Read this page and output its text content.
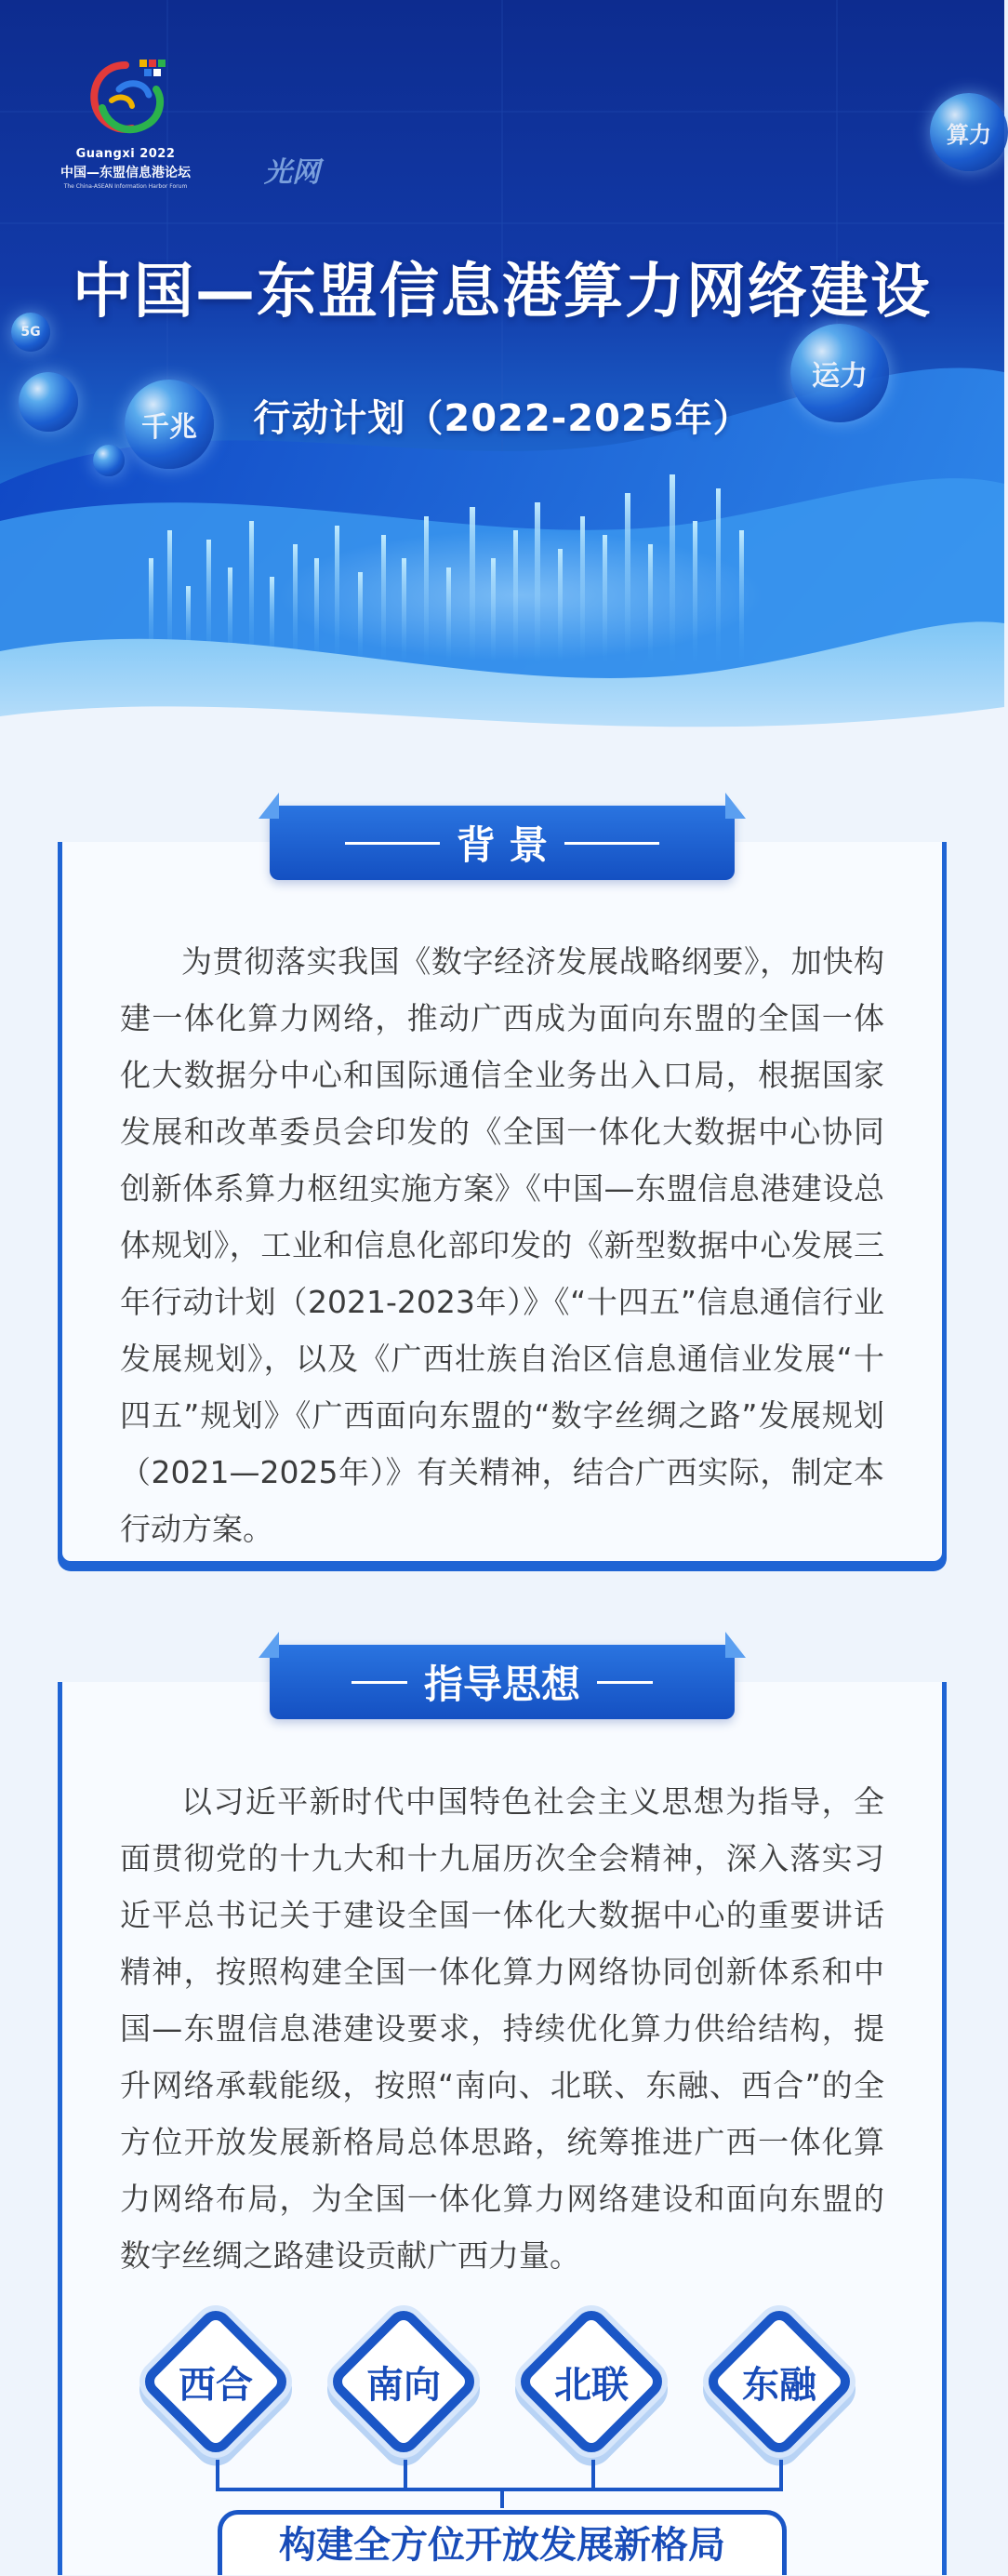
Guangxi 2022
中国—东盟信息港论坛
The China-ASEAN Information Harbor Forum	光网
算力
运力
千兆
5G
中国—东盟信息港算力网络建设
行动计划（2022-2025年）
为贯彻落实我国《数字经济发展战略纲要》，加快构建一体化算力网络，推动广西成为面向东盟的全国一体化大数据分中心和国际通信全业务出入口局，根据国家发展和改革委员会印发的《全国一体化大数据中心协同创新体系算力枢纽实施方案》《中国—东盟信息港建设总体规划》，工业和信息化部印发的《新型数据中心发展三年行动计划（2021-2023年）》《“十四五”信息通信行业发展规划》，以及《广西壮族自治区信息通信业发展“十四五”规划》《广西面向东盟的“数字丝绸之路”发展规划（2021—2025年）》有关精神，结合广西实际，制定本行动方案。
背 景
以习近平新时代中国特色社会主义思想为指导，全面贯彻党的十九大和十九届历次全会精神，深入落实习近平总书记关于建设全国一体化大数据中心的重要讲话精神，按照构建全国一体化算力网络协同创新体系和中国—东盟信息港建设要求，持续优化算力供给结构，提升网络承载能级，按照“南向、北联、东融、西合”的全方位开放发展新格局总体思路，统筹推进广西一体化算力网络布局，为全国一体化算力网络建设和面向东盟的数字丝绸之路建设贡献广西力量。
指导思想
西合	南向	北联	东融
构建全方位开放发展新格局
